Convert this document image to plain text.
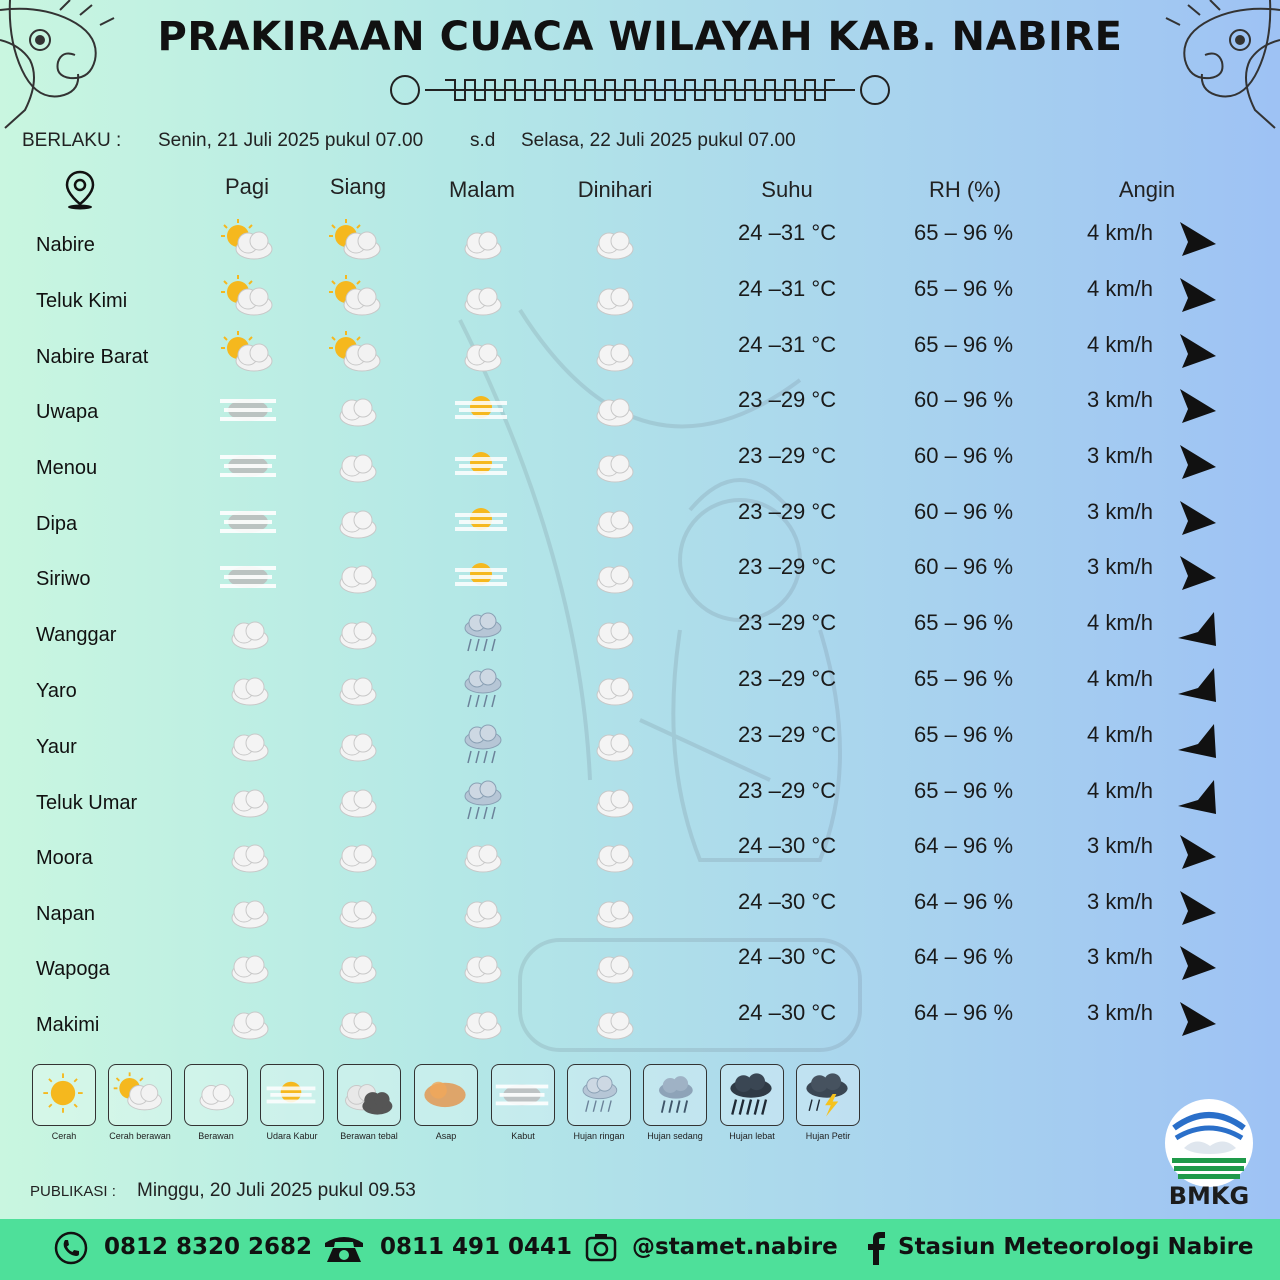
PRAKIRAAN CUACA WILAYAH KAB. NABIRE
BERLAKU : Senin, 21 Juli 2025 pukul 07.00 s.d Selasa, 22 Juli 2025 pukul 07.00
Pagi	Siang	Malam	Dinihari	Suhu	RH (%)	Angin
Nabire	24 –31 °C	65 – 96 %	4 km/h
Teluk Kimi	24 –31 °C	65 – 96 %	4 km/h
Nabire Barat	24 –31 °C	65 – 96 %	4 km/h
Uwapa	23 –29 °C	60 – 96 %	3 km/h
Menou	23 –29 °C	60 – 96 %	3 km/h
Dipa	23 –29 °C	60 – 96 %	3 km/h
Siriwo	23 –29 °C	60 – 96 %	3 km/h
Wanggar	23 –29 °C	65 – 96 %	4 km/h
Yaro	23 –29 °C	65 – 96 %	4 km/h
Yaur	23 –29 °C	65 – 96 %	4 km/h
Teluk Umar	23 –29 °C	65 – 96 %	4 km/h
Moora	24 –30 °C	64 – 96 %	3 km/h
Napan	24 –30 °C	64 – 96 %	3 km/h
Wapoga	24 –30 °C	64 – 96 %	3 km/h
Makimi	24 –30 °C	64 – 96 %	3 km/h
Cerah	Cerah berawan	Berawan	Udara Kabur	Berawan tebal	Asap	Kabut	Hujan ringan	Hujan sedang	Hujan lebat	Hujan Petir
BMKG
PUBLIKASI : Minggu, 20 Juli 2025 pukul 09.53
0812 8320 2682	0811 491 0441	@stamet.nabire	Stasiun Meteorologi Nabire
